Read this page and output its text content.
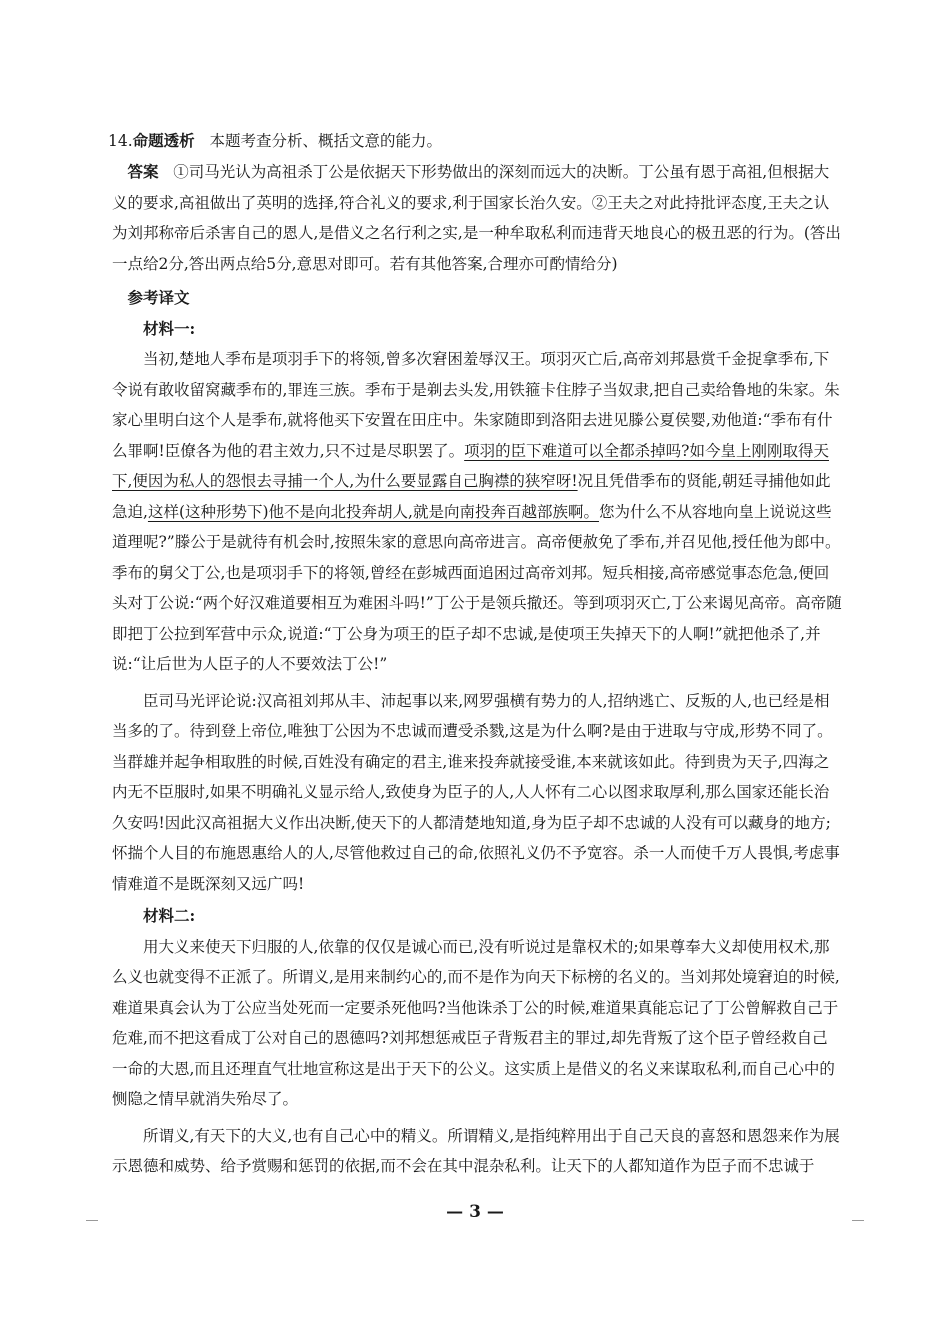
14.命题透析 本题考查分析、概括文意的能力。

答案 ①司马光认为高祖杀丁公是依据天下形势做出的深刻而远大的决断。丁公虽有恩于高祖,但根据大义的要求,高祖做出了英明的选择,符合礼义的要求,利于国家长治久安。②王夫之对此持批评态度,王夫之认为刘邦称帝后杀害自己的恩人,是借义之名行利之实,是一种牟取私利而违背天地良心的极丑恶的行为。(答出一点给2分,答出两点给5分,意思对即可。若有其他答案,合理亦可酌情给分)

参考译文

材料一:

当初,楚地人季布是项羽手下的将领,曾多次窘困羞辱汉王。项羽灭亡后,高帝刘邦悬赏千金捉拿季布,下令说有敢收留窝藏季布的,罪连三族。季布于是剃去头发,用铁箍卡住脖子当奴隶,把自己卖给鲁地的朱家。朱家心里明白这个人是季布,就将他买下安置在田庄中。朱家随即到洛阳去进见滕公夏侯婴,劝他道:“季布有什么罪啊!臣僚各为他的君主效力,只不过是尽职罢了。项羽的臣下难道可以全都杀掉吗?如今皇上刚刚取得天下,便因为私人的怨恨去寻捕一个人,为什么要显露自己胸襟的狭窄呀!况且凭借季布的贤能,朝廷寻捕他如此急迫,这样(这种形势下)他不是向北投奔胡人,就是向南投奔百越部族啊。您为什么不从容地向皇上说说这些道理呢?”滕公于是就待有机会时,按照朱家的意思向高帝进言。高帝便赦免了季布,并召见他,授任他为郎中。季布的舅父丁公,也是项羽手下的将领,曾经在彭城西面追困过高帝刘邦。短兵相接,高帝感觉事态危急,便回头对丁公说:“两个好汉难道要相互为难困斗吗!”丁公于是领兵撤还。等到项羽灭亡,丁公来谒见高帝。高帝随即把丁公拉到军营中示众,说道:“丁公身为项王的臣子却不忠诚,是使项王失掉天下的人啊!”就把他杀了,并说:“让后世为人臣子的人不要效法丁公!”

臣司马光评论说:汉高祖刘邦从丰、沛起事以来,网罗强横有势力的人,招纳逃亡、反叛的人,也已经是相当多的了。待到登上帝位,唯独丁公因为不忠诚而遭受杀戮,这是为什么啊?是由于进取与守成,形势不同了。当群雄并起争相取胜的时候,百姓没有确定的君主,谁来投奔就接受谁,本来就该如此。待到贵为天子,四海之内无不臣服时,如果不明确礼义显示给人,致使身为臣子的人,人人怀有二心以图求取厚利,那么国家还能长治久安吗!因此汉高祖据大义作出决断,使天下的人都清楚地知道,身为臣子却不忠诚的人没有可以藏身的地方;怀揣个人目的布施恩惠给人的人,尽管他救过自己的命,依照礼义仍不予宽容。杀一人而使千万人畏惧,考虑事情难道不是既深刻又远广吗!

材料二:

用大义来使天下归服的人,依靠的仅仅是诚心而已,没有听说过是靠权术的;如果尊奉大义却使用权术,那么义也就变得不正派了。所谓义,是用来制约心的,而不是作为向天下标榜的名义的。当刘邦处境窘迫的时候,难道果真会认为丁公应当处死而一定要杀死他吗?当他诛杀丁公的时候,难道果真能忘记了丁公曾解救自己于危难,而不把这看成丁公对自己的恩德吗?刘邦想惩戒臣子背叛君主的罪过,却先背叛了这个臣子曾经救自己一命的大恩,而且还理直气壮地宣称这是出于天下的公义。这实质上是借义的名义来谋取私利,而自己心中的恻隐之情早就消失殆尽了。

所谓义,有天下的大义,也有自己心中的精义。所谓精义,是指纯粹用出于自己天良的喜怒和恩怨来作为展示恩德和威势、给予赏赐和惩罚的依据,而不会在其中混杂私利。让天下的人都知道作为臣子而不忠诚于

— 3 —
